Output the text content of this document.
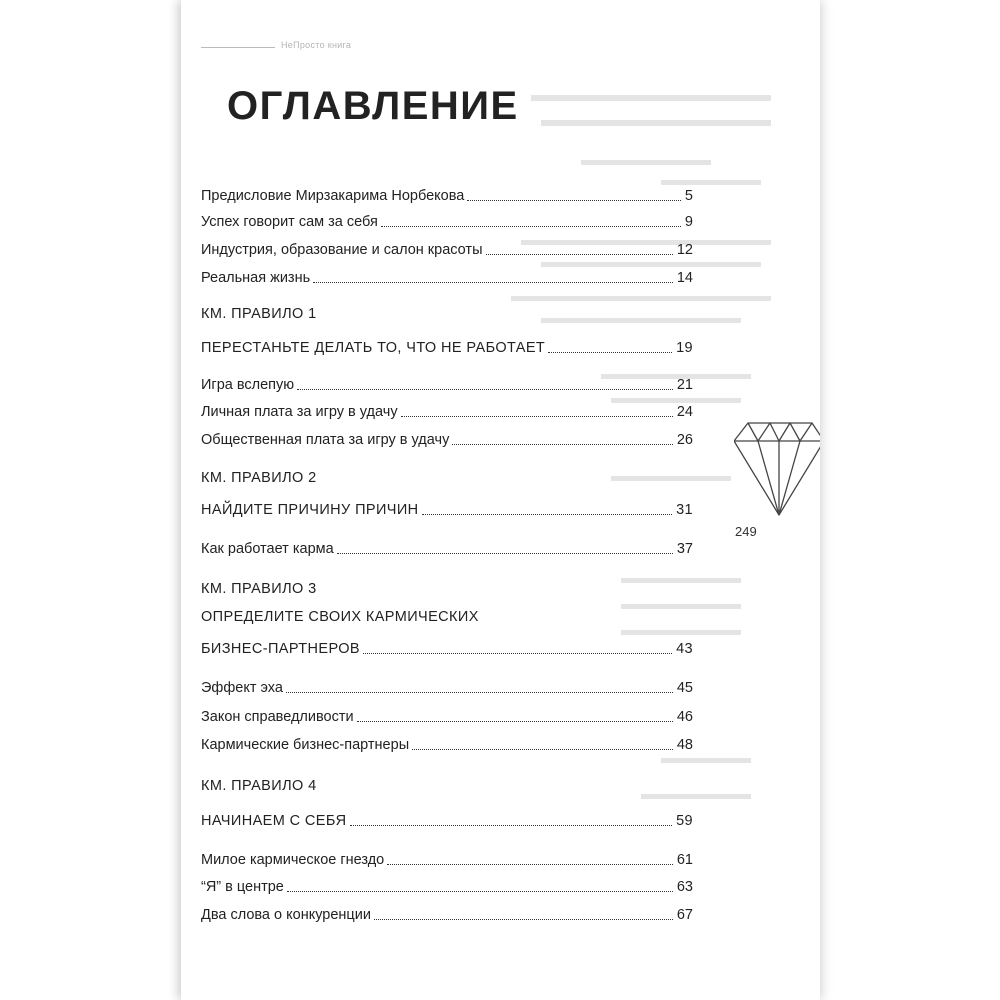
НеПросто книга
ОГЛАВЛЕНИЕ
Предисловие Мирзакарима Норбекова	5
Успех говорит сам за себя	9
Индустрия, образование и салон красоты	12
Реальная жизнь	14
КМ. ПРАВИЛО 1
ПЕРЕСТАНЬТЕ ДЕЛАТЬ ТО, ЧТО НЕ РАБОТАЕТ	19
Игра вслепую	21
Личная плата за игру в удачу	24
Общественная плата за игру в удачу	26
КМ. ПРАВИЛО 2
НАЙДИТЕ ПРИЧИНУ ПРИЧИН	31
Как работает карма	37
КМ. ПРАВИЛО 3
ОПРЕДЕЛИТЕ СВОИХ КАРМИЧЕСКИХ
БИЗНЕС-ПАРТНЕРОВ	43
Эффект эха	45
Закон справедливости	46
Кармические бизнес-партнеры	48
КМ. ПРАВИЛО 4
НАЧИНАЕМ С СЕБЯ	59
Милое кармическое гнездо	61
“Я” в центре	63
Два слова о конкуренции	67
249
